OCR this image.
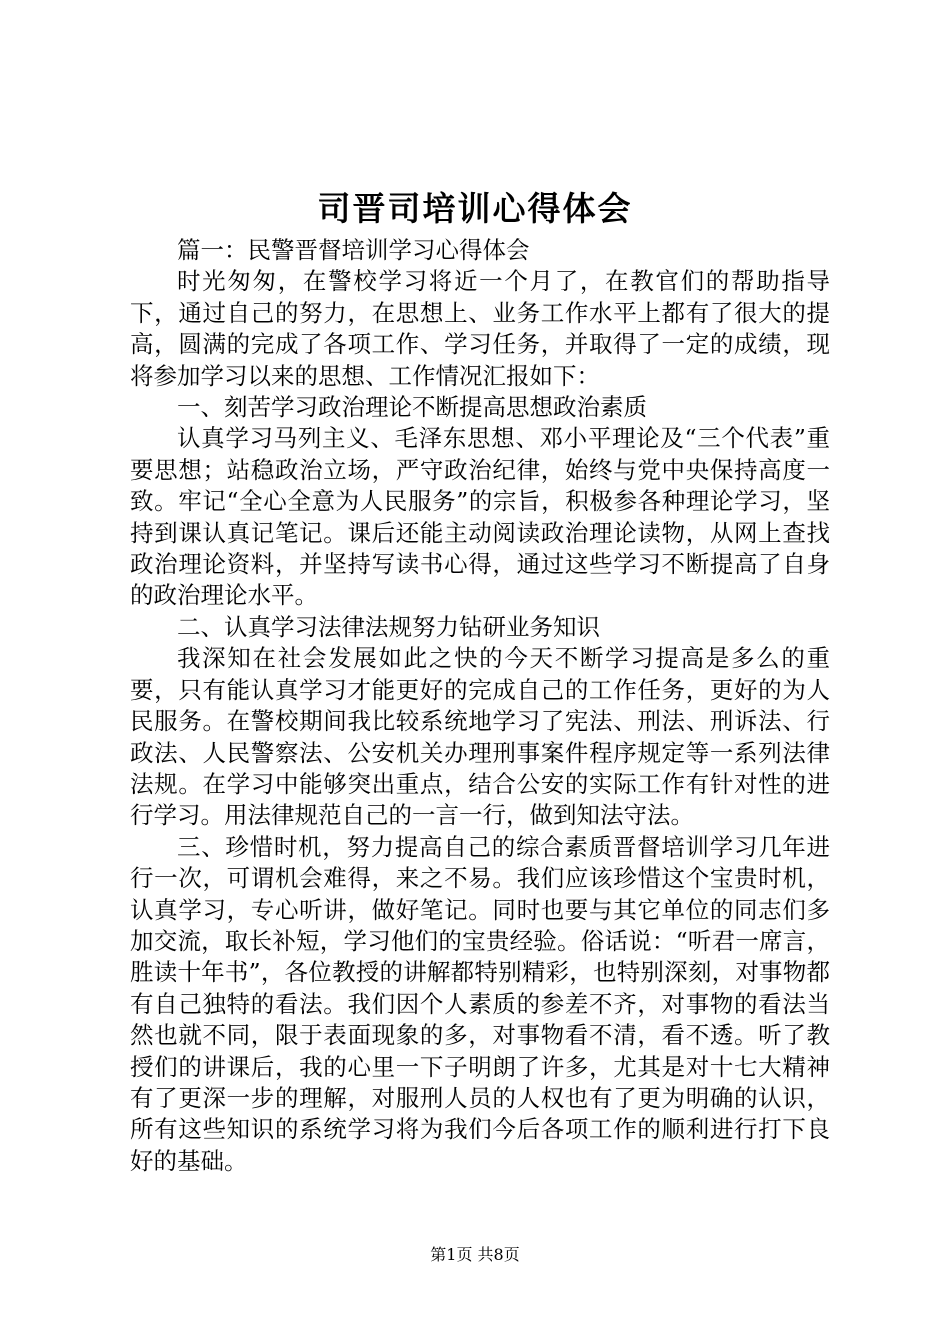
司晋司培训心得体会

篇一：民警晋督培训学习心得体会

时光匆匆，在警校学习将近一个月了，在教官们的帮助指导下，通过自己的努力，在思想上、业务工作水平上都有了很大的提高，圆满的完成了各项工作、学习任务，并取得了一定的成绩，现将参加学习以来的思想、工作情况汇报如下：

一、刻苦学习政治理论不断提高思想政治素质

认真学习马列主义、毛泽东思想、邓小平理论及“三个代表”重要思想；站稳政治立场，严守政治纪律，始终与党中央保持高度一致。牢记“全心全意为人民服务”的宗旨，积极参各种理论学习，坚持到课认真记笔记。课后还能主动阅读政治理论读物，从网上查找政治理论资料，并坚持写读书心得，通过这些学习不断提高了自身的政治理论水平。

二、认真学习法律法规努力钻研业务知识

我深知在社会发展如此之快的今天不断学习提高是多么的重要，只有能认真学习才能更好的完成自己的工作任务，更好的为人民服务。在警校期间我比较系统地学习了宪法、刑法、刑诉法、行政法、人民警察法、公安机关办理刑事案件程序规定等一系列法律法规。在学习中能够突出重点，结合公安的实际工作有针对性的进行学习。用法律规范自己的一言一行，做到知法守法。

三、珍惜时机，努力提高自己的综合素质晋督培训学习几年进行一次，可谓机会难得，来之不易。我们应该珍惜这个宝贵时机，认真学习，专心听讲，做好笔记。同时也要与其它单位的同志们多加交流，取长补短，学习他们的宝贵经验。俗话说：“听君一席言，胜读十年书”，各位教授的讲解都特别精彩，也特别深刻，对事物都有自己独特的看法。我们因个人素质的参差不齐，对事物的看法当然也就不同，限于表面现象的多，对事物看不清，看不透。听了教授们的讲课后，我的心里一下子明朗了许多，尤其是对十七大精神有了更深一步的理解，对服刑人员的人权也有了更为明确的认识，所有这些知识的系统学习将为我们今后各项工作的顺利进行打下良好的基础。

第1页 共8页
